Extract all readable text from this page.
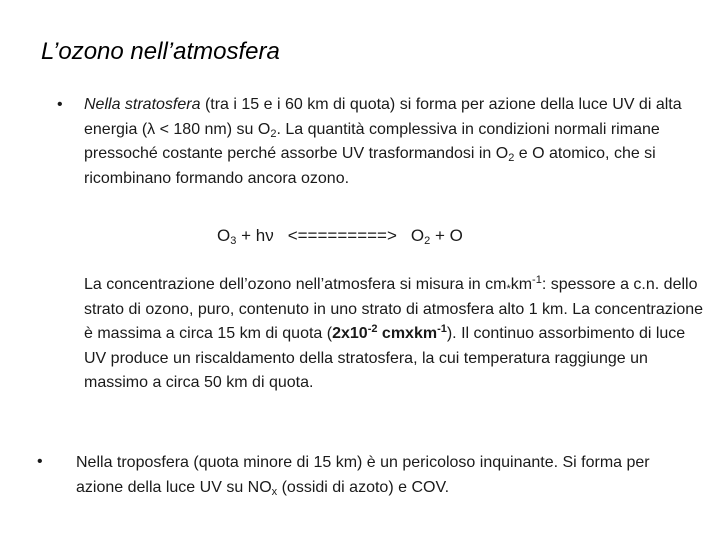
L’ozono nell’atmosfera
• Nella stratosfera (tra i 15 e i 60 km di quota) si forma per azione della luce UV di alta energia (λ < 180 nm) su $O_2$. La quantità complessiva in condizioni normali rimane pressoché costante perché assorbe UV trasformandosi in $O_2$ e O atomico, che si ricombinano formando ancora ozono.

$O_3 + h\nu$ <=========> $O_2 + O$

La concentrazione dell’ozono nell’atmosfera si misura in $cm_*km^{-1}$: spessore a c.n. dello strato di ozono, puro, contenuto in uno strato di atmosfera alto 1 km. La concentrazione è massima a circa 15 km di quota ($2x10^{-2}$ cmxkm$^{-1}$). Il continuo assorbimento di luce UV produce un riscaldamento della stratosfera, la cui temperatura raggiunge un massimo a circa 50 km di quota.

• Nella troposfera (quota minore di 15 km) è un pericoloso inquinante. Si forma per azione della luce UV su $NO_x$ (ossidi di azoto) e COV.
